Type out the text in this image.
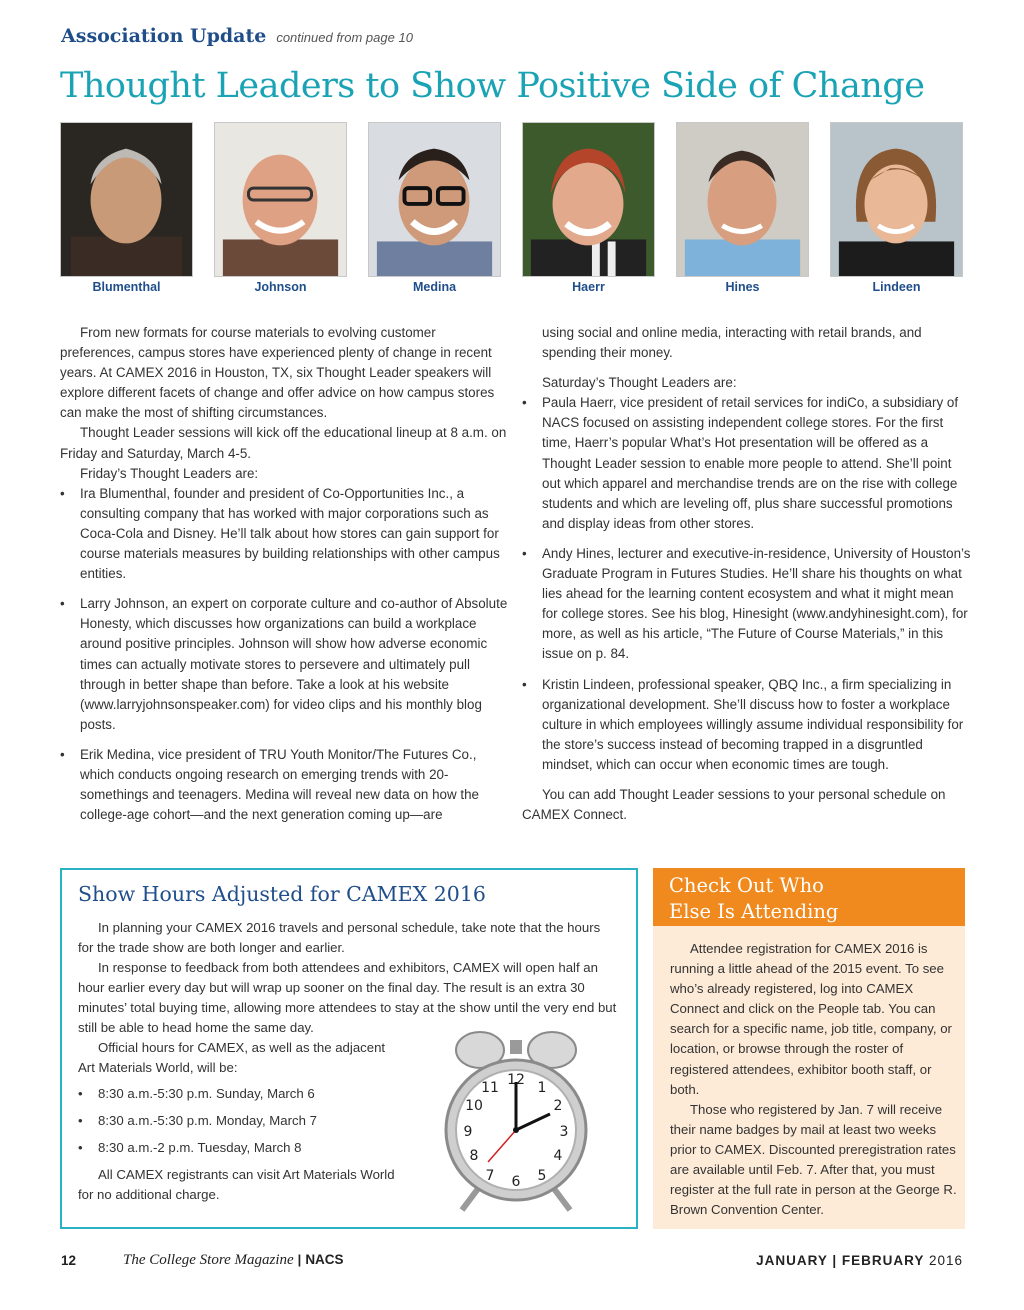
Association Update continued from page 10
Thought Leaders to Show Positive Side of Change
Blumenthal	Johnson	Medina	Haerr	Hines	Lindeen

From new formats for course materials to evolving customer preferences, campus stores have experienced plenty of change in recent years. At CAMEX 2016 in Houston, TX, six Thought Leader speakers will explore different facets of change and offer advice on how campus stores can make the most of shifting circumstances.

Thought Leader sessions will kick off the educational lineup at 8 a.m. on Friday and Saturday, March 4-5.

Friday’s Thought Leaders are:

• Ira Blumenthal, founder and president of Co-Opportunities Inc., a consulting company that has worked with major corporations such as Coca-Cola and Disney. He’ll talk about how stores can gain support for course materials measures by building relationships with other campus entities.
• Larry Johnson, an expert on corporate culture and co-author of Absolute Honesty, which discusses how organizations can build a workplace around positive principles. Johnson will show how adverse economic times can actually motivate stores to persevere and ultimately pull through in better shape than before. Take a look at his website (www.larryjohnsonspeaker.com) for video clips and his monthly blog posts.
• Erik Medina, vice president of TRU Youth Monitor/The Futures Co., which conducts ongoing research on emerging trends with 20-somethings and teenagers. Medina will reveal new data on how the college-age cohort—and the next generation coming up—are

using social and online media, interacting with retail brands, and spending their money.

Saturday’s Thought Leaders are:

• Paula Haerr, vice president of retail services for indiCo, a subsidiary of NACS focused on assisting independent college stores. For the first time, Haerr’s popular What’s Hot presentation will be offered as a Thought Leader session to enable more people to attend. She’ll point out which apparel and merchandise trends are on the rise with college students and which are leveling off, plus share successful promotions and display ideas from other stores.
• Andy Hines, lecturer and executive-in-residence, University of Houston’s Graduate Program in Futures Studies. He’ll share his thoughts on what lies ahead for the learning content ecosystem and what it might mean for college stores. See his blog, Hinesight (www.andyhinesight.com), for more, as well as his article, “The Future of Course Materials,” in this issue on p. 84.
• Kristin Lindeen, professional speaker, QBQ Inc., a firm specializing in organizational development. She’ll discuss how to foster a workplace culture in which employees willingly assume individual responsibility for the store’s success instead of becoming trapped in a disgruntled mindset, which can occur when economic times are tough.

You can add Thought Leader sessions to your personal schedule on CAMEX Connect.

Show Hours Adjusted for CAMEX 2016

In planning your CAMEX 2016 travels and personal schedule, take note that the hours for the trade show are both longer and earlier.

In response to feedback from both attendees and exhibitors, CAMEX will open half an hour earlier every day but will wrap up sooner on the final day. The result is an extra 30 minutes’ total buying time, allowing more attendees to stay at the show until the very end but still be able to head home the same day.

Official hours for CAMEX, as well as the adjacent
Art Materials World, will be:

• 8:30 a.m.-5:30 p.m. Sunday, March 6
• 8:30 a.m.-5:30 p.m. Monday, March 7
• 8:30 a.m.-2 p.m. Tuesday, March 8

All CAMEX registrants can visit Art Materials World
for no additional charge.

12 1
2
3
4
5
6
7
8
9
10
11
Check Out Who
Else Is Attending

Attendee registration for CAMEX 2016 is running a little ahead of the 2015 event. To see who’s already registered, log into CAMEX Connect and click on the People tab. You can search for a specific name, job title, company, or location, or browse through the roster of registered attendees, exhibitor booth staff, or both.

Those who registered by Jan. 7 will receive their name badges by mail at least two weeks prior to CAMEX. Discounted preregistration rates are available until Feb. 7. After that, you must register at the full rate in person at the George R. Brown Convention Center.

12	The College Store Magazine | NACS	JANUARY | FEBRUARY 2016
